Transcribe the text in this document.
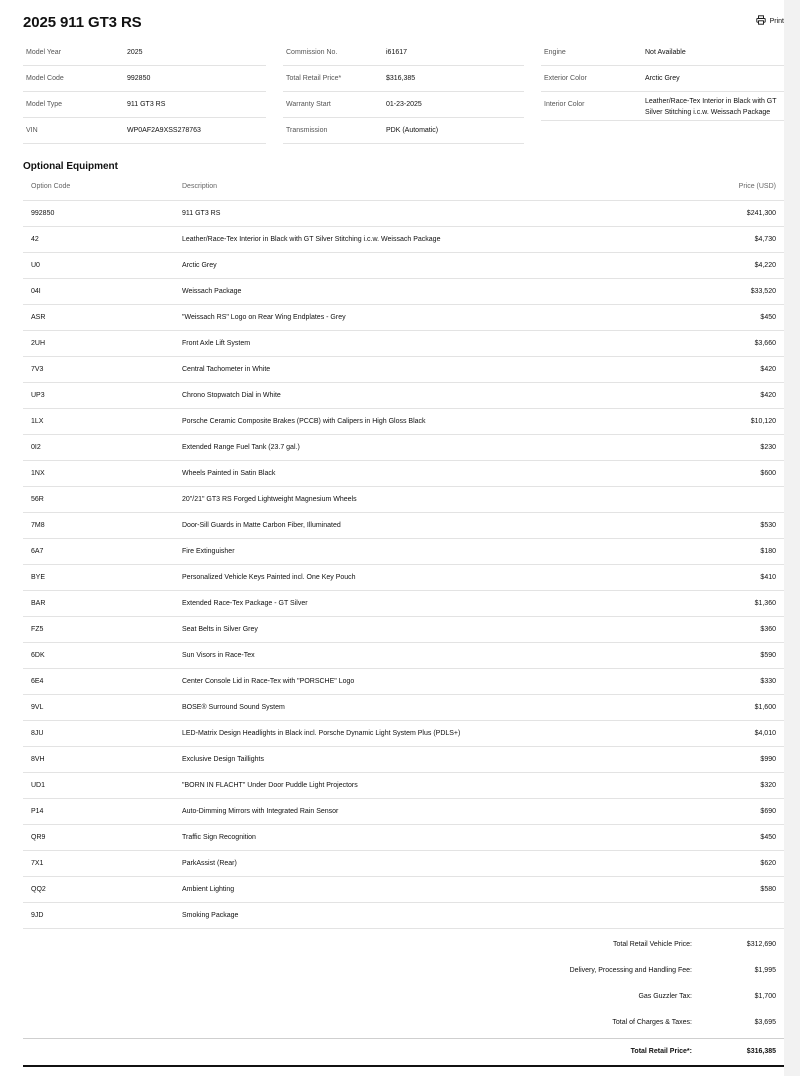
2025 911 GT3 RS	Print
Model Year	2025
Model Code	992850
Model Type	911 GT3 RS
VIN	WP0AF2A9XSS278763
Commission No.	i61617
Total Retail Price*	$316,385
Warranty Start	01-23-2025
Transmission	PDK (Automatic)
Engine	Not Available
Exterior Color	Arctic Grey
Interior Color	Leather/Race-Tex Interior in Black with GT Silver Stitching i.c.w. Weissach Package
Optional Equipment
Option Code	Description	Price (USD)
992850	911 GT3 RS	$241,300
42	Leather/Race-Tex Interior in Black with GT Silver Stitching i.c.w. Weissach Package	$4,730
U0	Arctic Grey	$4,220
04I	Weissach Package	$33,520
ASR	"Weissach RS" Logo on Rear Wing Endplates - Grey	$450
2UH	Front Axle Lift System	$3,660
7V3	Central Tachometer in White	$420
UP3	Chrono Stopwatch Dial in White	$420
1LX	Porsche Ceramic Composite Brakes (PCCB) with Calipers in High Gloss Black	$10,120
0I2	Extended Range Fuel Tank (23.7 gal.)	$230
1NX	Wheels Painted in Satin Black	$600
56R	20"/21" GT3 RS Forged Lightweight Magnesium Wheels
7M8	Door-Sill Guards in Matte Carbon Fiber, Illuminated	$530
6A7	Fire Extinguisher	$180
BYE	Personalized Vehicle Keys Painted incl. One Key Pouch	$410
BAR	Extended Race-Tex Package - GT Silver	$1,360
FZ5	Seat Belts in Silver Grey	$360
6DK	Sun Visors in Race-Tex	$590
6E4	Center Console Lid in Race-Tex with "PORSCHE" Logo	$330
9VL	BOSE® Surround Sound System	$1,600
8JU	LED-Matrix Design Headlights in Black incl. Porsche Dynamic Light System Plus (PDLS+)	$4,010
8VH	Exclusive Design Taillights	$990
UD1	"BORN IN FLACHT" Under Door Puddle Light Projectors	$320
P14	Auto-Dimming Mirrors with Integrated Rain Sensor	$690
QR9	Traffic Sign Recognition	$450
7X1	ParkAssist (Rear)	$620
QQ2	Ambient Lighting	$580
9JD	Smoking Package
Total Retail Vehicle Price:	$312,690
Delivery, Processing and Handling Fee:	$1,995
Gas Guzzler Tax:	$1,700
Total of Charges & Taxes:	$3,695
Total Retail Price*:	$316,385
